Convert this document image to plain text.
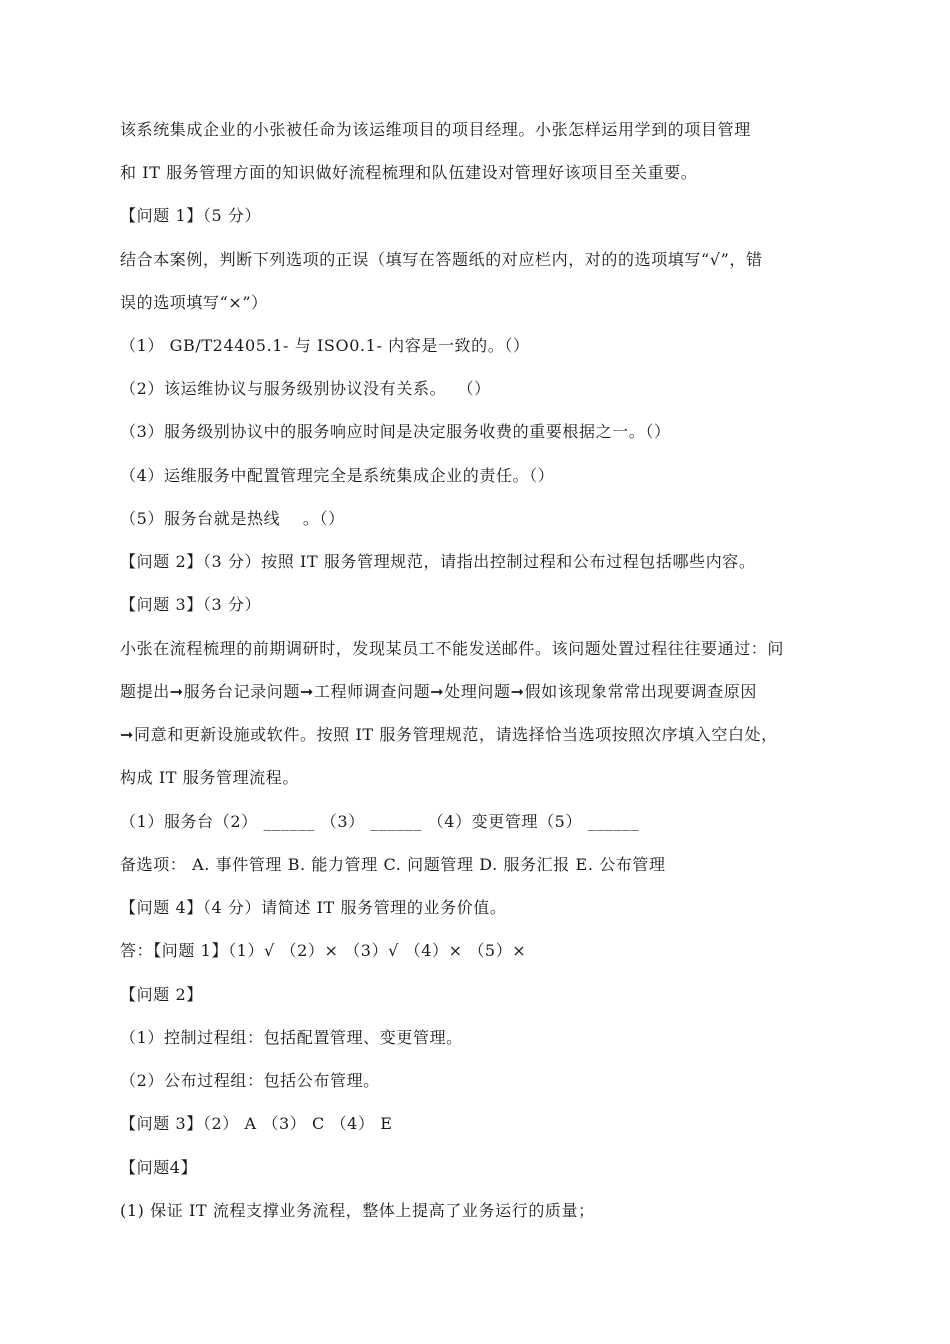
该系统集成企业的小张被任命为该运维项目的项目经理。小张怎样运用学到的项目管理

和 IT 服务管理方面的知识做好流程梳理和队伍建设对管理好该项目至关重要。

【问题 1】（5 分）

结合本案例，判断下列选项的正误（填写在答题纸的对应栏内，对的的选项填写“√”，错

误的选项填写“×”）

（1） GB/T24405.1- 与 ISO0.1- 内容是一致的。（）

（2）该运维协议与服务级别协议没有关系。  （）

（3）服务级别协议中的服务响应时间是决定服务收费的重要根据之一。（）

（4）运维服务中配置管理完全是系统集成企业的责任。（）

（5）服务台就是热线    。（）

【问题 2】（3 分）按照 IT 服务管理规范，请指出控制过程和公布过程包括哪些内容。

【问题 3】（3 分）

小张在流程梳理的前期调研时，发现某员工不能发送邮件。该问题处置过程往往要通过：问

题提出➞服务台记录问题➞工程师调查问题➞处理问题➞假如该现象常常出现要调查原因

➞同意和更新设施或软件。按照 IT 服务管理规范，请选择恰当选项按照次序填入空白处，

构成 IT 服务管理流程。

（1）服务台（2） ______ （3） ______ （4）变更管理（5） ______

备选项： A. 事件管理 B. 能力管理 C. 问题管理 D. 服务汇报 E. 公布管理

【问题 4】（4 分）请简述 IT 服务管理的业务价值。

答：【问题 1】（1）√ （2）× （3）√ （4）× （5）×

【问题 2】

（1）控制过程组：包括配置管理、变更管理。

（2）公布过程组：包括公布管理。

【问题 3】（2） A （3） C （4） E

【问题4】

(1) 保证 IT 流程支撑业务流程，整体上提高了业务运行的质量；
